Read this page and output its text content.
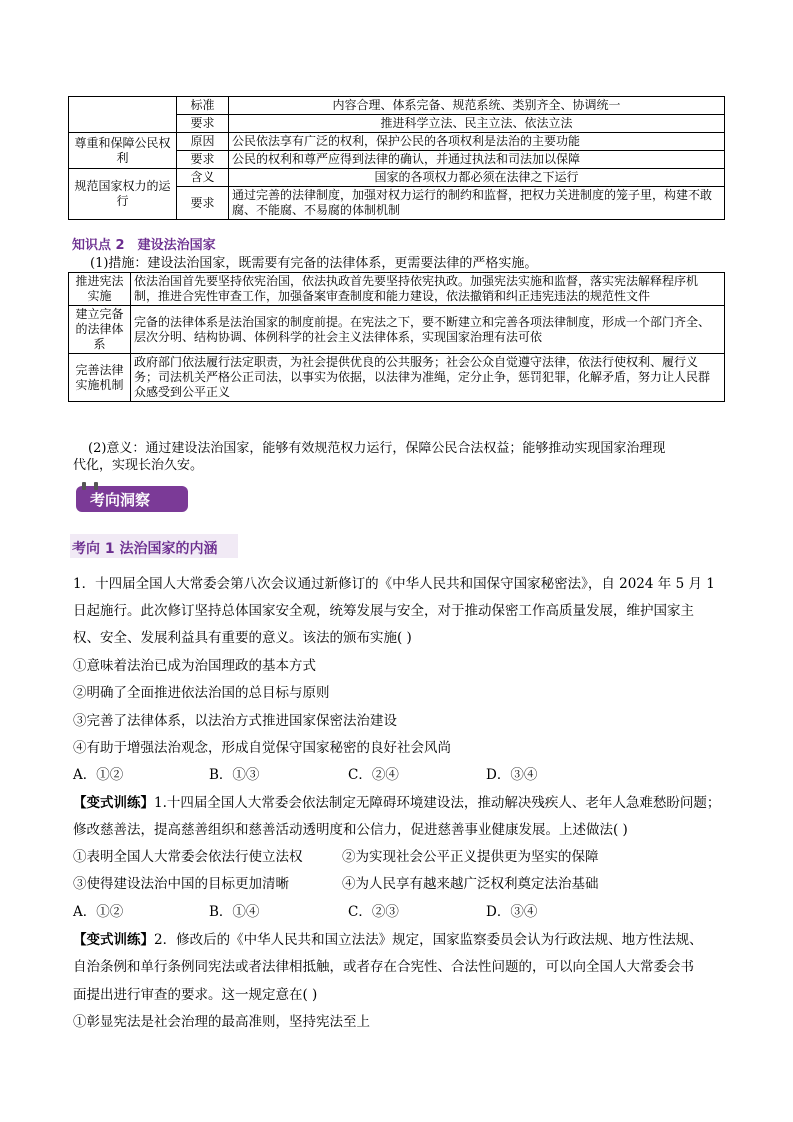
	标准	内容合理、体系完备、规范系统、类别齐全、协调统一
	要求	推进科学立法、民主立法、依法立法
尊重和保障公民权利	原因	公民依法享有广泛的权利，保护公民的各项权利是法治的主要功能
	要求	公民的权利和尊严应得到法律的确认，并通过执法和司法加以保障
规范国家权力的运行	含义	国家的各项权力都必须在法律之下运行
	要求	通过完善的法律制度，加强对权力运行的制约和监督，把权力关进制度的笼子里，构建不敢腐、不能腐、不易腐的体制机制
知识点 2　建设法治国家
(1)措施：建设法治国家，既需要有完备的法律体系，更需要法律的严格实施。
推进宪法实施	依法治国首先要坚持依宪治国，依法执政首先要坚持依宪执政。加强宪法实施和监督，落实宪法解释程序机制，推进合宪性审查工作，加强备案审查制度和能力建设，依法撤销和纠正违宪违法的规范性文件
建立完备的法律体系	完备的法律体系是法治国家的制度前提。在宪法之下，要不断建立和完善各项法律制度，形成一个部门齐全、层次分明、结构协调、体例科学的社会主义法律体系，实现国家治理有法可依
完善法律实施机制	政府部门依法履行法定职责，为社会提供优良的公共服务；社会公众自觉遵守法律，依法行使权利、履行义务；司法机关严格公正司法，以事实为依据，以法律为准绳，定分止争，惩罚犯罪，化解矛盾，努力让人民群众感受到公平正义
(2)意义：通过建设法治国家，能够有效规范权力运行，保障公民合法权益；能够推动实现国家治理现
代化，实现长治久安。
考向洞察
考向 1 法治国家的内涵
1．十四届全国人大常委会第八次会议通过新修订的《中华人民共和国保守国家秘密法》，自 2024 年 5 月 1
日起施行。此次修订坚持总体国家安全观，统筹发展与安全，对于推动保密工作高质量发展，维护国家主
权、安全、发展利益具有重要的意义。该法的颁布实施( )
①意味着法治已成为治国理政的基本方式
②明确了全面推进依法治国的总目标与原则
③完善了法律体系，以法治方式推进国家保密法治建设
④有助于增强法治观念，形成自觉保守国家秘密的良好社会风尚
A．①②	B．①③	C．②④	D．③④
【变式训练】1.十四届全国人大常委会依法制定无障碍环境建设法，推动解决残疾人、老年人急难愁盼问题；
修改慈善法，提高慈善组织和慈善活动透明度和公信力，促进慈善事业健康发展。上述做法( )
①表明全国人大常委会依法行使立法权	②为实现社会公平正义提供更为坚实的保障
③使得建设法治中国的目标更加清晰	④为人民享有越来越广泛权利奠定法治基础
A．①②	B．①④	C．②③	D．③④
【变式训练】2．修改后的《中华人民共和国立法法》规定，国家监察委员会认为行政法规、地方性法规、
自治条例和单行条例同宪法或者法律相抵触，或者存在合宪性、合法性问题的，可以向全国人大常委会书
面提出进行审查的要求。这一规定意在( )
①彰显宪法是社会治理的最高准则，坚持宪法至上
